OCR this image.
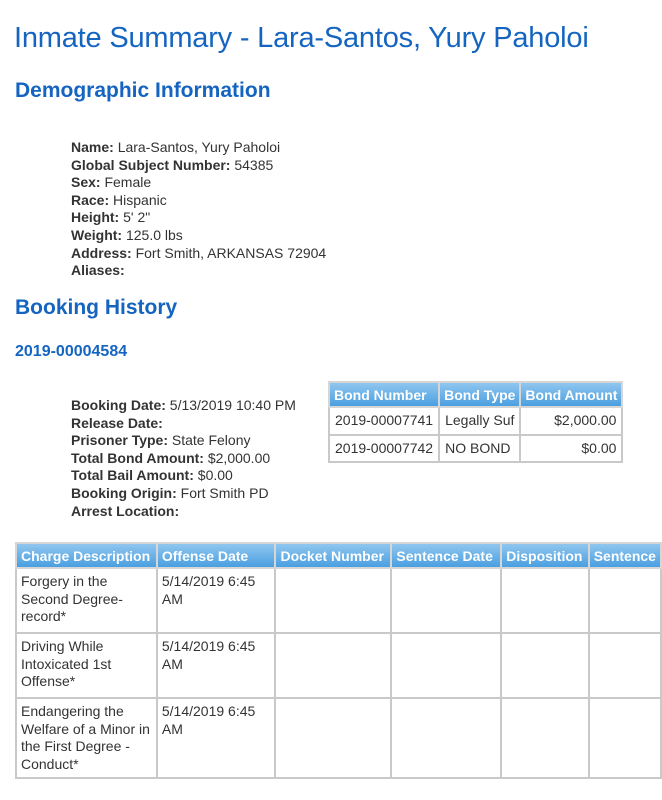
Inmate Summary - Lara-Santos, Yury Paholoi
Demographic Information
Name: Lara-Santos, Yury Paholoi
Global Subject Number: 54385
Sex: Female
Race: Hispanic
Height: 5' 2"
Weight: 125.0 lbs
Address: Fort Smith, ARKANSAS 72904
Aliases:
Booking History
2019-00004584
Booking Date: 5/13/2019 10:40 PM
Release Date:
Prisoner Type: State Felony
Total Bond Amount: $2,000.00
Total Bail Amount: $0.00
Booking Origin: Fort Smith PD
Arrest Location:
Bond Number	Bond Type	Bond Amount
2019-00007741	Legally Suf	$2,000.00
2019-00007742	NO BOND	$0.00
Charge Description	Offense Date	Docket Number	Sentence Date	Disposition	Sentence
Forgery in the Second Degree-record*	5/14/2019 6:45 AM				
Driving While Intoxicated 1st Offense*	5/14/2019 6:45 AM				
Endangering the Welfare of a Minor in the First Degree - Conduct*	5/14/2019 6:45 AM				
